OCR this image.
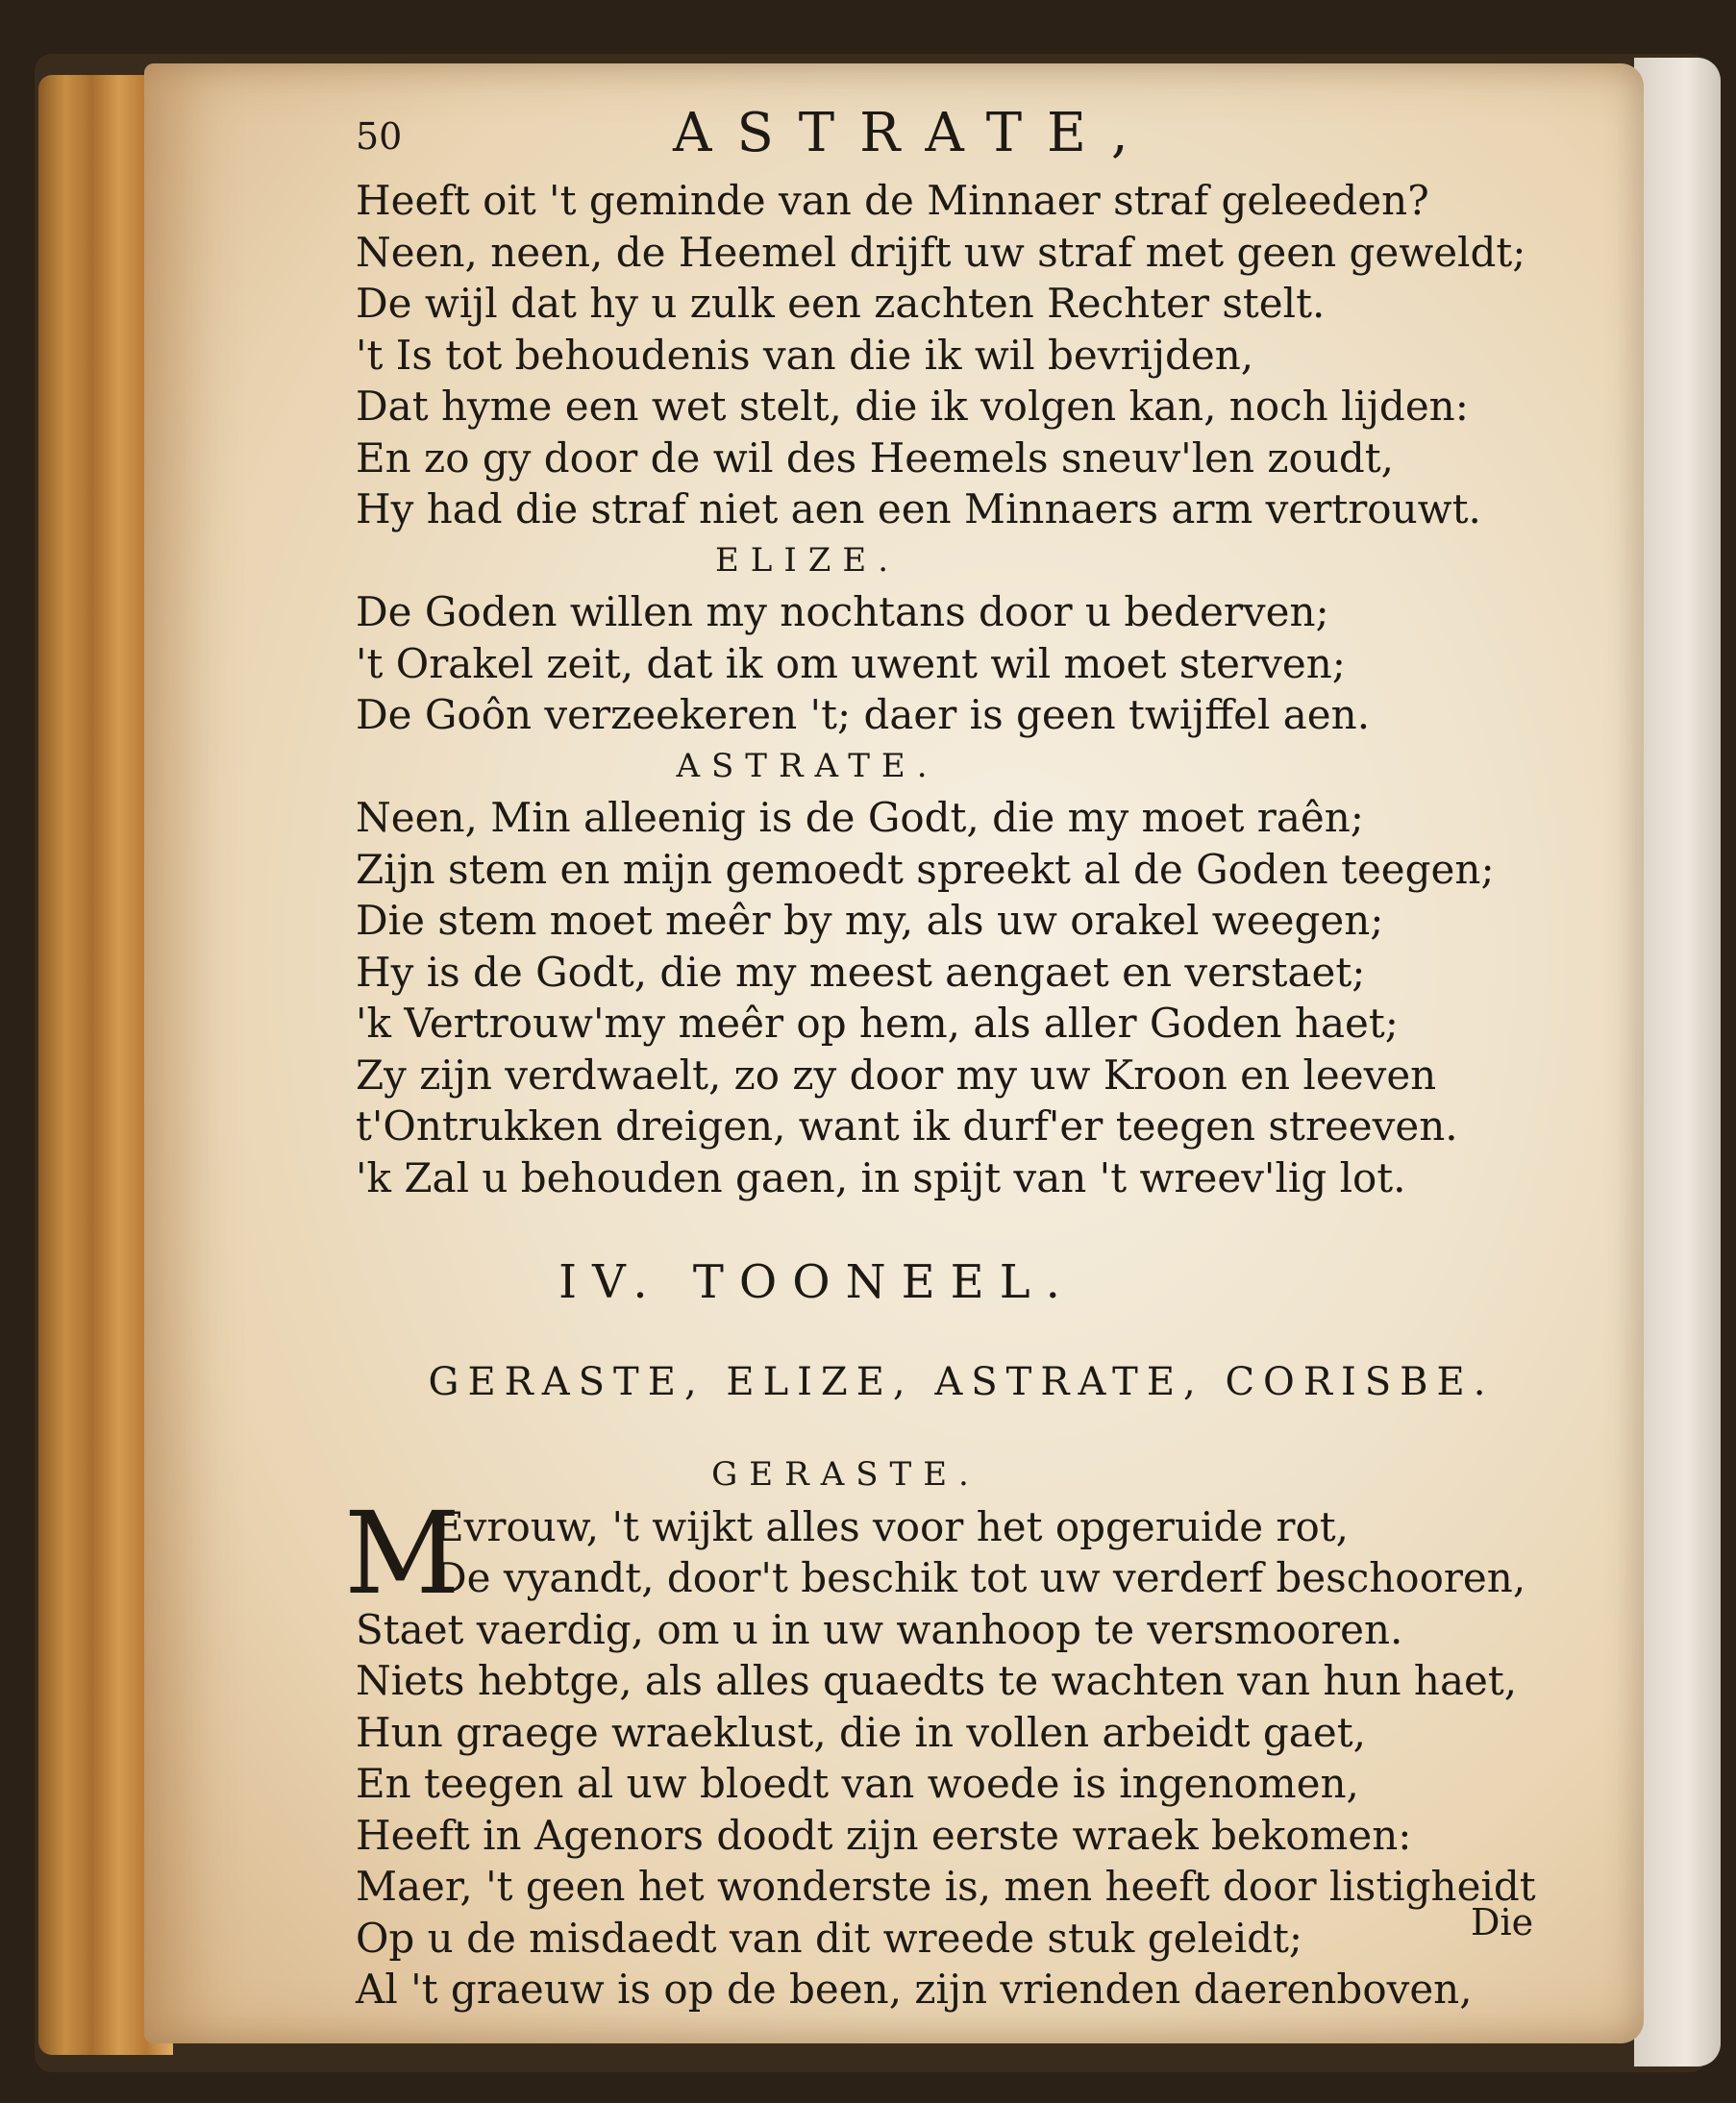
50	ASTRATE,
Heeft oit 't geminde van de Minnaer straf geleeden?
Neen, neen, de Heemel drijft uw straf met geen geweldt;
De wijl dat hy u zulk een zachten Rechter stelt.
't Is tot behoudenis van die ik wil bevrijden,
Dat hyme een wet stelt, die ik volgen kan, noch lijden:
En zo gy door de wil des Heemels sneuv'len zoudt,
Hy had die straf niet aen een Minnaers arm vertrouwt.
ELIZE.
De Goden willen my nochtans door u bederven;
't Orakel zeit, dat ik om uwent wil moet sterven;
De Goôn verzeekeren 't; daer is geen twijffel aen.
ASTRATE.
Neen, Min alleenig is de Godt, die my moet raên;
Zijn stem en mijn gemoedt spreekt al de Goden teegen;
Die stem moet meêr by my, als uw orakel weegen;
Hy is de Godt, die my meest aengaet en verstaet;
'k Vertrouw'my meêr op hem, als aller Goden haet;
Zy zijn verdwaelt, zo zy door my uw Kroon en leeven
t'Ontrukken dreigen, want ik durf'er teegen streeven.
'k Zal u behouden gaen, in spijt van 't wreev'lig lot.
IV. TOONEEL.
GERASTE, ELIZE, ASTRATE, CORISBE.
GERASTE.
M
Evrouw, 't wijkt alles voor het opgeruide rot,
De vyandt, door't beschik tot uw verderf beschooren,
Staet vaerdig, om u in uw wanhoop te versmooren.
Niets hebtge, als alles quaedts te wachten van hun haet,
Hun graege wraeklust, die in vollen arbeidt gaet,
En teegen al uw bloedt van woede is ingenomen,
Heeft in Agenors doodt zijn eerste wraek bekomen:
Maer, 't geen het wonderste is, men heeft door listigheidt
Op u de misdaedt van dit wreede stuk geleidt;
Al 't graeuw is op de been, zijn vrienden daerenboven,
Die
